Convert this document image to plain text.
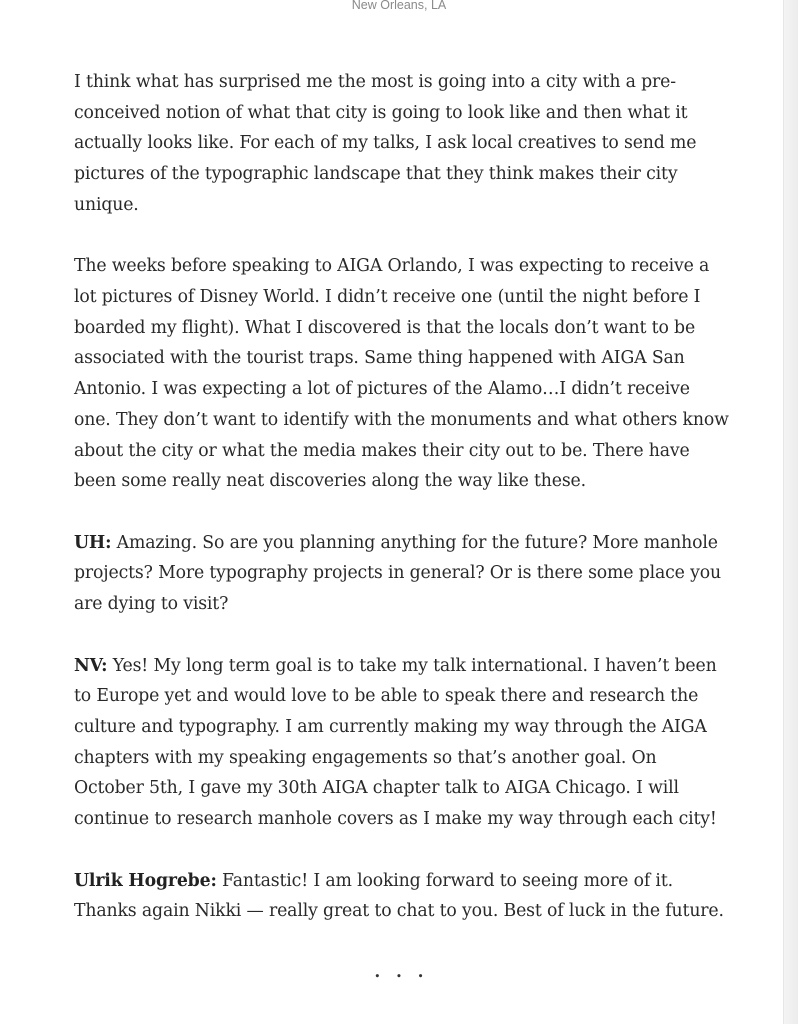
New Orleans, LA

I think what has surprised me the most is going into a city with a pre-conceived notion of what that city is going to look like and then what it actually looks like. For each of my talks, I ask local creatives to send me pictures of the typographic landscape that they think makes their city unique.

The weeks before speaking to AIGA Orlando, I was expecting to receive a lot pictures of Disney World. I didn’t receive one (until the night before I boarded my flight). What I discovered is that the locals don’t want to be associated with the tourist traps. Same thing happened with AIGA San Antonio. I was expecting a lot of pictures of the Alamo…I didn’t receive one. They don’t want to identify with the monuments and what others know about the city or what the media makes their city out to be. There have been some really neat discoveries along the way like these.

UH: Amazing. So are you planning anything for the future? More manhole projects? More typography projects in general? Or is there some place you are dying to visit?

NV: Yes! My long term goal is to take my talk international. I haven’t been to Europe yet and would love to be able to speak there and research the culture and typography. I am currently making my way through the AIGA chapters with my speaking engagements so that’s another goal. On October 5th, I gave my 30th AIGA chapter talk to AIGA Chicago. I will continue to research manhole covers as I make my way through each city!

Ulrik Hogrebe: Fantastic! I am looking forward to seeing more of it. Thanks again Nikki — really great to chat to you. Best of luck in the future.

...
